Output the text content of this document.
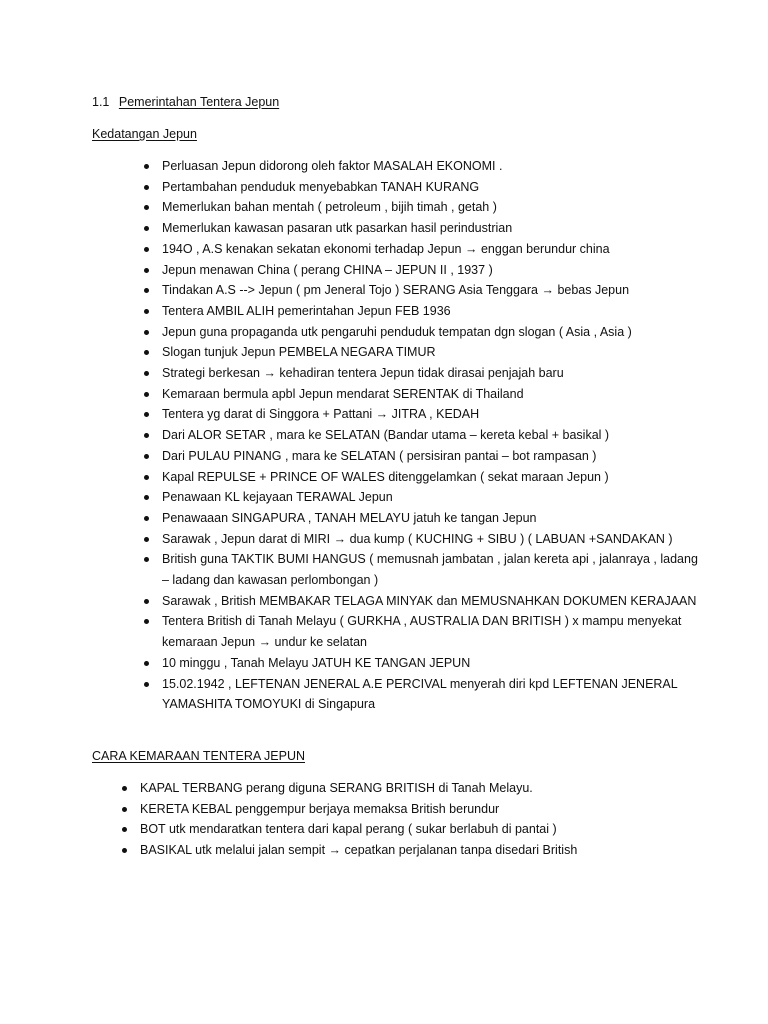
1.1 Pemerintahan Tentera Jepun
Kedatangan Jepun
Perluasan Jepun didorong oleh faktor MASALAH EKONOMI .
Pertambahan penduduk menyebabkan TANAH KURANG
Memerlukan bahan mentah ( petroleum , bijih timah , getah )
Memerlukan kawasan pasaran utk pasarkan hasil perindustrian
194O , A.S kenakan sekatan ekonomi terhadap Jepun → enggan berundur china
Jepun menawan China ( perang CHINA – JEPUN II , 1937 )
Tindakan A.S --> Jepun ( pm Jeneral Tojo ) SERANG Asia Tenggara → bebas Jepun
Tentera AMBIL ALIH pemerintahan Jepun FEB 1936
Jepun guna propaganda utk pengaruhi penduduk tempatan dgn slogan ( Asia , Asia )
Slogan tunjuk Jepun PEMBELA NEGARA TIMUR
Strategi berkesan → kehadiran tentera Jepun tidak dirasai penjajah baru
Kemaraan bermula apbl Jepun mendarat SERENTAK di Thailand
Tentera yg darat di Singgora + Pattani → JITRA , KEDAH
Dari ALOR SETAR , mara ke SELATAN (Bandar utama – kereta kebal + basikal )
Dari PULAU PINANG , mara ke SELATAN ( persisiran pantai – bot rampasan )
Kapal REPULSE + PRINCE OF WALES ditenggelamkan ( sekat maraan Jepun )
Penawaan KL kejayaan TERAWAL Jepun
Penawaaan SINGAPURA , TANAH MELAYU jatuh ke tangan Jepun
Sarawak , Jepun darat di MIRI → dua kump ( KUCHING + SIBU ) ( LABUAN +SANDAKAN )
British guna TAKTIK BUMI HANGUS ( memusnah jambatan , jalan kereta api , jalanraya , ladang – ladang dan kawasan perlombongan )
Sarawak , British MEMBAKAR TELAGA MINYAK dan MEMUSNAHKAN DOKUMEN KERAJAAN
Tentera British di Tanah Melayu ( GURKHA , AUSTRALIA DAN BRITISH ) x mampu menyekat kemaraan Jepun → undur ke selatan
10 minggu , Tanah Melayu JATUH KE TANGAN JEPUN
15.02.1942 , LEFTENAN JENERAL A.E PERCIVAL menyerah diri kpd LEFTENAN JENERAL YAMASHITA TOMOYUKI di Singapura
CARA KEMARAAN TENTERA JEPUN
KAPAL TERBANG perang diguna SERANG BRITISH di Tanah Melayu.
KERETA KEBAL penggempur berjaya memaksa British berundur
BOT utk mendaratkan tentera dari kapal perang ( sukar berlabuh di pantai )
BASIKAL utk melalui jalan sempit → cepatkan perjalanan tanpa disedari British
